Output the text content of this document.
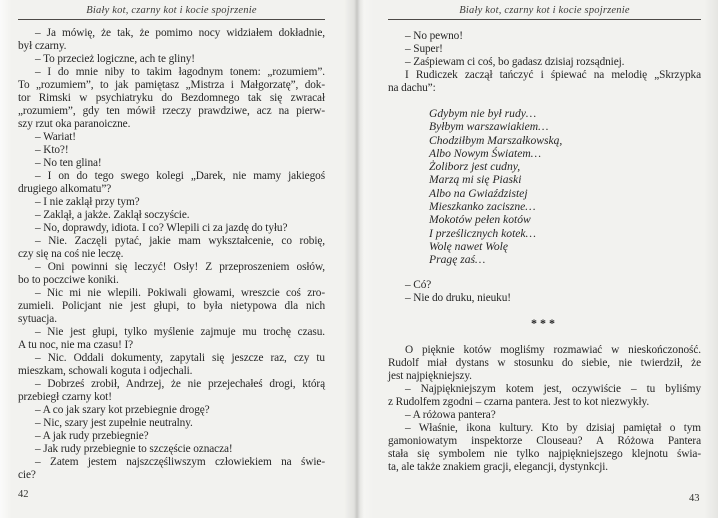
Biały kot, czarny kot i kocie spojrzenie
– Ja mówię, że tak, że pomimo nocy widziałem dokładnie,
był czarny.
– To przecież logiczne, ach te gliny!
– I do mnie niby to takim łagodnym tonem: „rozumiem”.
To „rozumiem”, to jak pamiętasz „Mistrza i Małgorzatę”, dok-
tor Rimski w psychiatryku do Bezdomnego tak się zwracał
„rozumiem”, gdy ten mówił rzeczy prawdziwe, acz na pierw-
szy rzut oka paranoiczne.
– Wariat!
– Kto?!
– No ten glina!
– I on do tego swego kolegi „Darek, nie mamy jakiegoś
drugiego alkomatu”?
– I nie zaklął przy tym?
– Zaklął, a jakże. Zaklął soczyście.
– No, doprawdy, idiota. I co? Wlepili ci za jazdę do tyłu?
– Nie. Zaczęli pytać, jakie mam wykształcenie, co robię,
czy się na coś nie leczę.
– Oni powinni się leczyć! Osły! Z przeproszeniem osłów,
bo to poczciwe koniki.
– Nic mi nie wlepili. Pokiwali głowami, wreszcie coś zro-
zumieli. Policjant nie jest głupi, to była nietypowa dla nich
sytuacja.
– Nie jest głupi, tylko myślenie zajmuje mu trochę czasu.
A tu noc, nie ma czasu! I?
– Nic. Oddali dokumenty, zapytali się jeszcze raz, czy tu
mieszkam, schowali koguta i odjechali.
– Dobrześ zrobił, Andrzej, że nie przejechałeś drogi, którą
przebiegł czarny kot!
– A co jak szary kot przebiegnie drogę?
– Nic, szary jest zupełnie neutralny.
– A jak rudy przebiegnie?
– Jak rudy przebiegnie to szczęście oznacza!
– Zatem jestem najszczęśliwszym człowiekiem na świe-
cie?
Biały kot, czarny kot i kocie spojrzenie
– No pewno!
– Super!
– Zaśpiewam ci coś, bo gadasz dzisiaj rozsądniej.
I Rudiczek zaczął tańczyć i śpiewać na melodię „Skrzypka
na dachu”:
Gdybym nie był rudy…
Byłbym warszawiakiem…
Chodziłbym Marszałkowską,
Albo Nowym Światem…
Żoliborz jest cudny,
Marzą mi się Piaski
Albo na Gwiaździstej
Mieszkanko zaciszne…
Mokotów pełen kotów
I prześlicznych kotek…
Wolę nawet Wolę
Pragę zaś…
– Có?
– Nie do druku, nieuku!
***
O pięknie kotów mogliśmy rozmawiać w nieskończoność.
Rudolf miał dystans w stosunku do siebie, nie twierdził, że
jest najpiękniejszy.
– Najpiękniejszym kotem jest, oczywiście – tu byliśmy
z Rudolfem zgodni – czarna pantera. Jest to kot niezwykły.
– A różowa pantera?
– Właśnie, ikona kultury. Kto by dzisiaj pamiętał o tym
gamoniowatym inspektorze Clouseau? A Różowa Pantera
stała się symbolem nie tylko najpiękniejszego klejnotu świa-
ta, ale także znakiem gracji, elegancji, dystynkcji.
42	43
